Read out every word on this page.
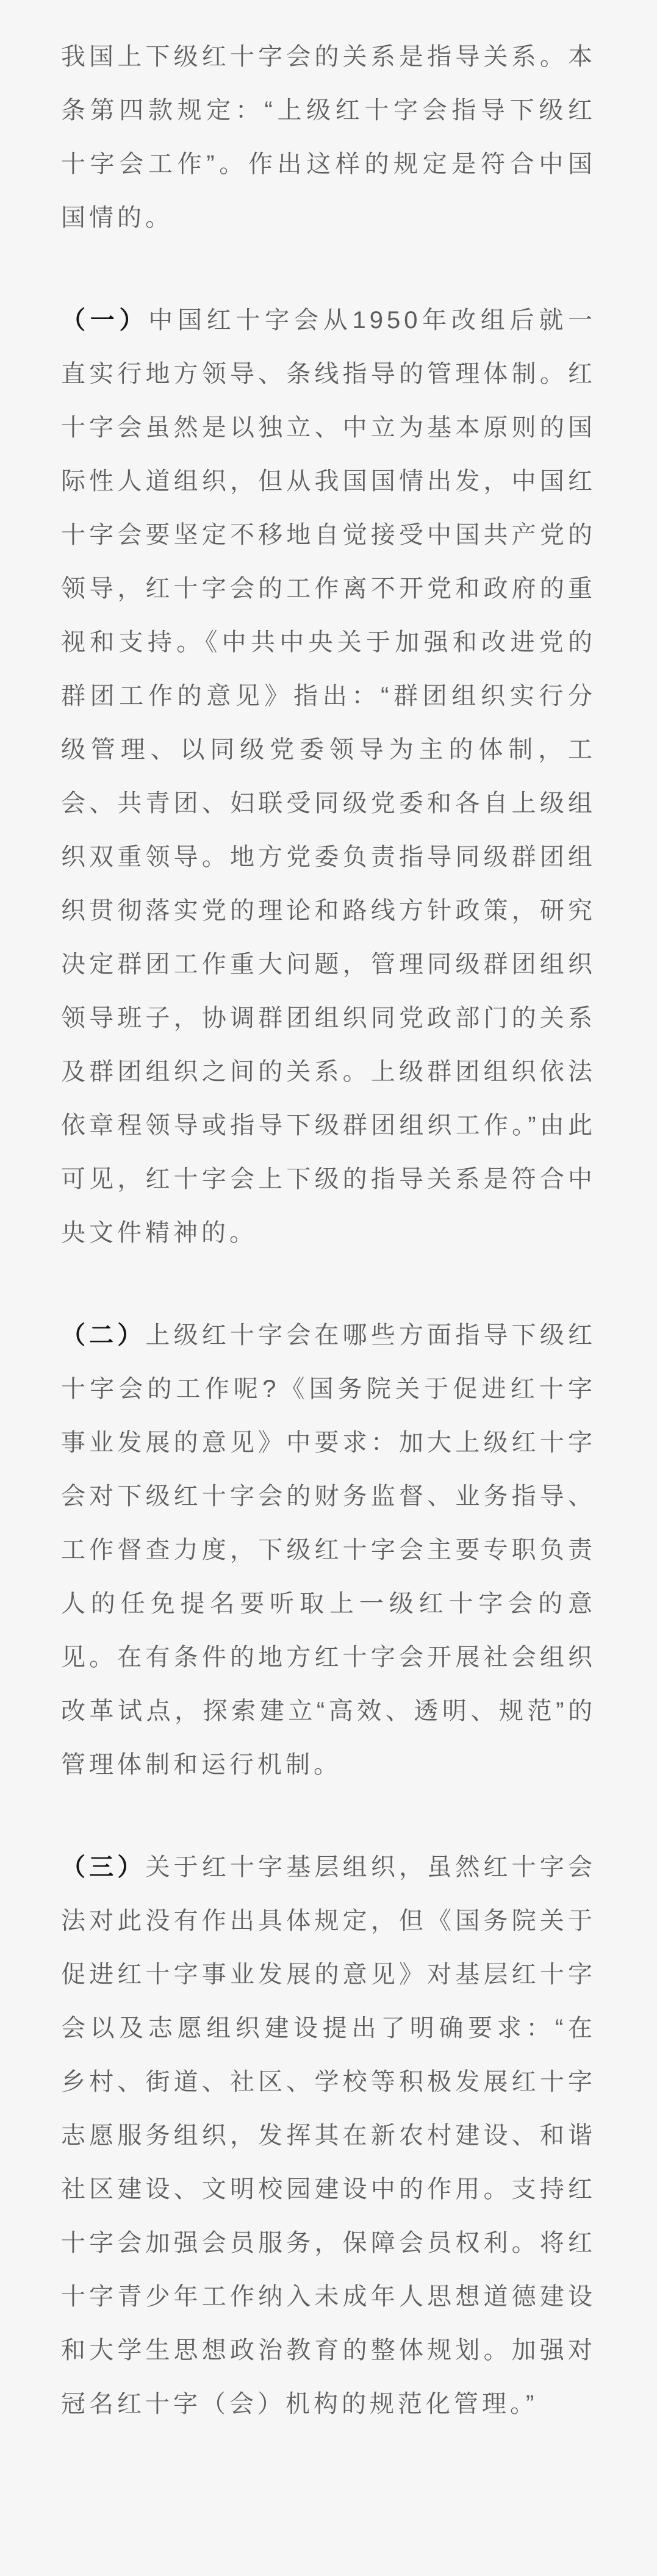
我国上下级红十字会的关系是指导关系。本条第四款规定：“上级红十字会指导下级红十字会工作”。作出这样的规定是符合中国国情的。

（一）中国红十字会从1950年改组后就一直实行地方领导、条线指导的管理体制。红十字会虽然是以独立、中立为基本原则的国际性人道组织，但从我国国情出发，中国红十字会要坚定不移地自觉接受中国共产党的领导，红十字会的工作离不开党和政府的重视和支持。《中共中央关于加强和改进党的群团工作的意见》指出：“群团组织实行分级管理、以同级党委领导为主的体制，工会、共青团、妇联受同级党委和各自上级组织双重领导。地方党委负责指导同级群团组织贯彻落实党的理论和路线方针政策，研究决定群团工作重大问题，管理同级群团组织领导班子，协调群团组织同党政部门的关系及群团组织之间的关系。上级群团组织依法依章程领导或指导下级群团组织工作。”由此可见，红十字会上下级的指导关系是符合中央文件精神的。

（二）上级红十字会在哪些方面指导下级红十字会的工作呢?《国务院关于促进红十字事业发展的意见》中要求：加大上级红十字会对下级红十字会的财务监督、业务指导、工作督查力度，下级红十字会主要专职负责人的任免提名要听取上一级红十字会的意见。在有条件的地方红十字会开展社会组织改革试点，探索建立“高效、透明、规范”的管理体制和运行机制。

（三）关于红十字基层组织，虽然红十字会法对此没有作出具体规定，但《国务院关于促进红十字事业发展的意见》对基层红十字会以及志愿组织建设提出了明确要求：“在乡村、街道、社区、学校等积极发展红十字志愿服务组织，发挥其在新农村建设、和谐社区建设、文明校园建设中的作用。支持红十字会加强会员服务，保障会员权利。将红十字青少年工作纳入未成年人思想道德建设和大学生思想政治教育的整体规划。加强对冠名红十字（会）机构的规范化管理。”
